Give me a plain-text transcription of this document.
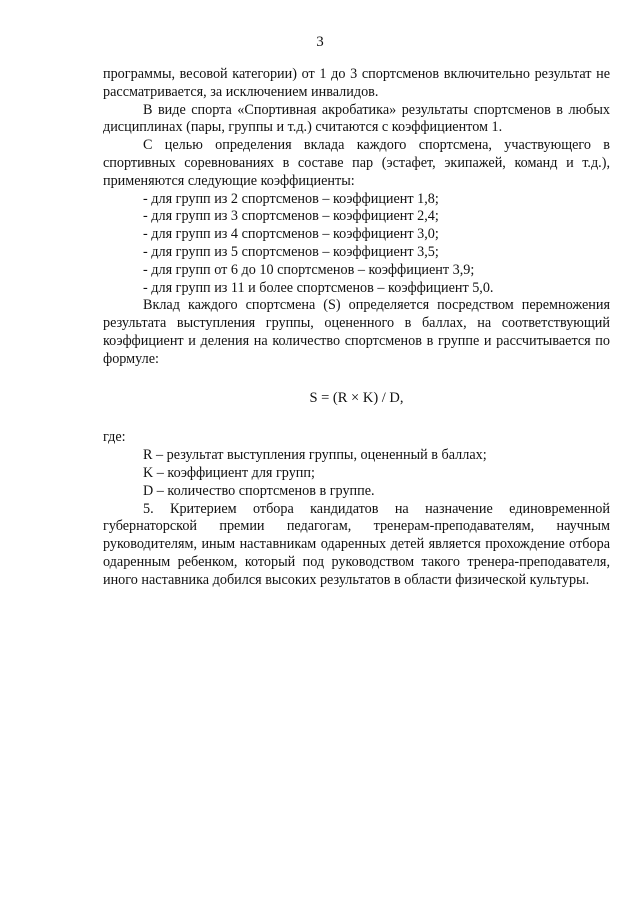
3

программы, весовой категории) от 1 до 3 спортсменов включительно результат не рассматривается, за исключением инвалидов.

В виде спорта «Спортивная акробатика» результаты спортсменов в любых дисциплинах (пары, группы и т.д.) считаются с коэффициентом 1.

С целью определения вклада каждого спортсмена, участвующего в спортивных соревнованиях в составе пар (эстафет, экипажей, команд и т.д.), применяются следующие коэффициенты:

- для групп из 2 спортсменов – коэффициент 1,8;

- для групп из 3 спортсменов – коэффициент 2,4;

- для групп из 4 спортсменов – коэффициент 3,0;

- для групп из 5 спортсменов – коэффициент 3,5;

- для групп от 6 до 10 спортсменов – коэффициент 3,9;

- для групп из 11 и более спортсменов – коэффициент 5,0.

Вклад каждого спортсмена (S) определяется посредством перемножения результата выступления группы, оцененного в баллах, на соответствующий коэффициент и деления на количество спортсменов в группе и рассчитывается по формуле:

S = (R × K) / D,

где:

R – результат выступления группы, оцененный в баллах;

K – коэффициент для групп;

D – количество спортсменов в группе.

5. Критерием отбора кандидатов на назначение единовременной губернаторской премии педагогам, тренерам-преподавателям, научным руководителям, иным наставникам одаренных детей является прохождение отбора одаренным ребенком, который под руководством такого тренера-преподавателя, иного наставника добился высоких результатов в области физической культуры.
